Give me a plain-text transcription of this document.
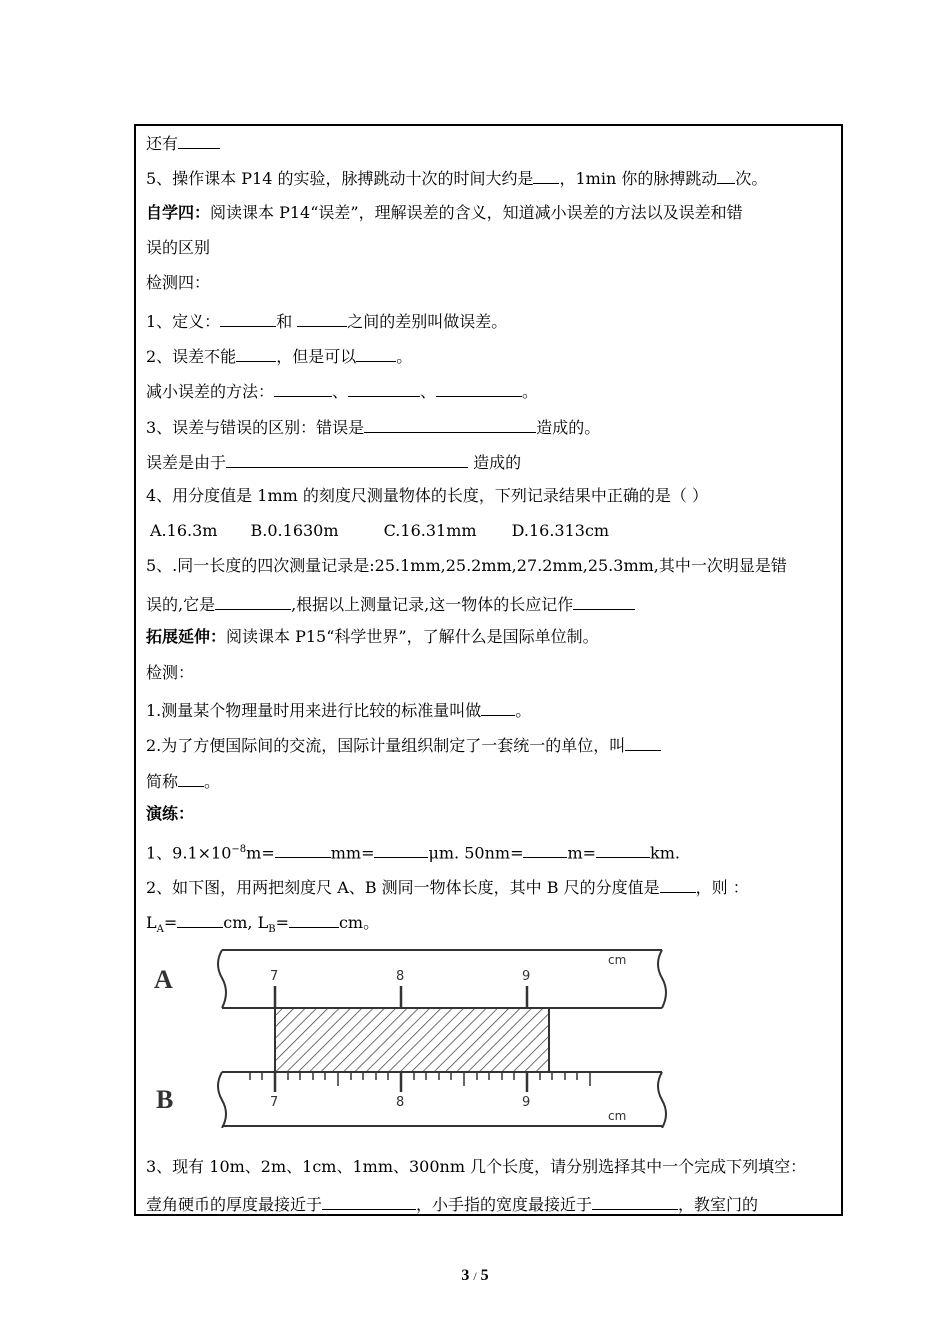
还有
5、操作课本 P14 的实验，脉搏跳动十次的时间大约是 ，1min 你的脉搏跳动 次。
自学四：阅读课本 P14“误差”，理解误差的含义，知道减小误差的方法以及误差和错
误的区别
检测四：
1、定义：	和	之间的差别叫做误差。
2、误差不能	，但是可以	。
减小误差的方法：	、	、	。
3、误差与错误的区别：错误是	造成的。
误差是由于	造成的
4、用分度值是 1mm 的刻度尺测量物体的长度，下列记录结果中正确的是（ ）
A.16.3m B.0.1630m	C.16.31mm D.16.313cm
5、.同一长度的四次测量记录是:25.1mm,25.2mm,27.2mm,25.3mm,其中一次明显是错
误的,它是	,根据以上测量记录,这一物体的长应记作
拓展延伸：阅读课本 P15“科学世界”，了解什么是国际单位制。
检测：
1.测量某个物理量时用来进行比较的标准量叫做 。
2.为了方便国际间的交流，国际计量组织制定了一套统一的单位，叫
简称 。
演练：
1、$9.1\times 10^{-8}m=$	mm=	μm. 50nm=	m=	km.
2、如下图，用两把刻度尺 A、B 测同一物体长度，其中 B 尺的分度值是 ，则 ：
$L_A=$	cm, $L_B=$	cm。
A
cm
7	8	9
B	7	8	9
cm
3、现有 10m、2m、1cm、1mm、300nm 几个长度，请分别选择其中一个完成下列填空：
壹角硬币的厚度最接近于	，小手指的宽度最接近于	，教室门的
3 / 5
